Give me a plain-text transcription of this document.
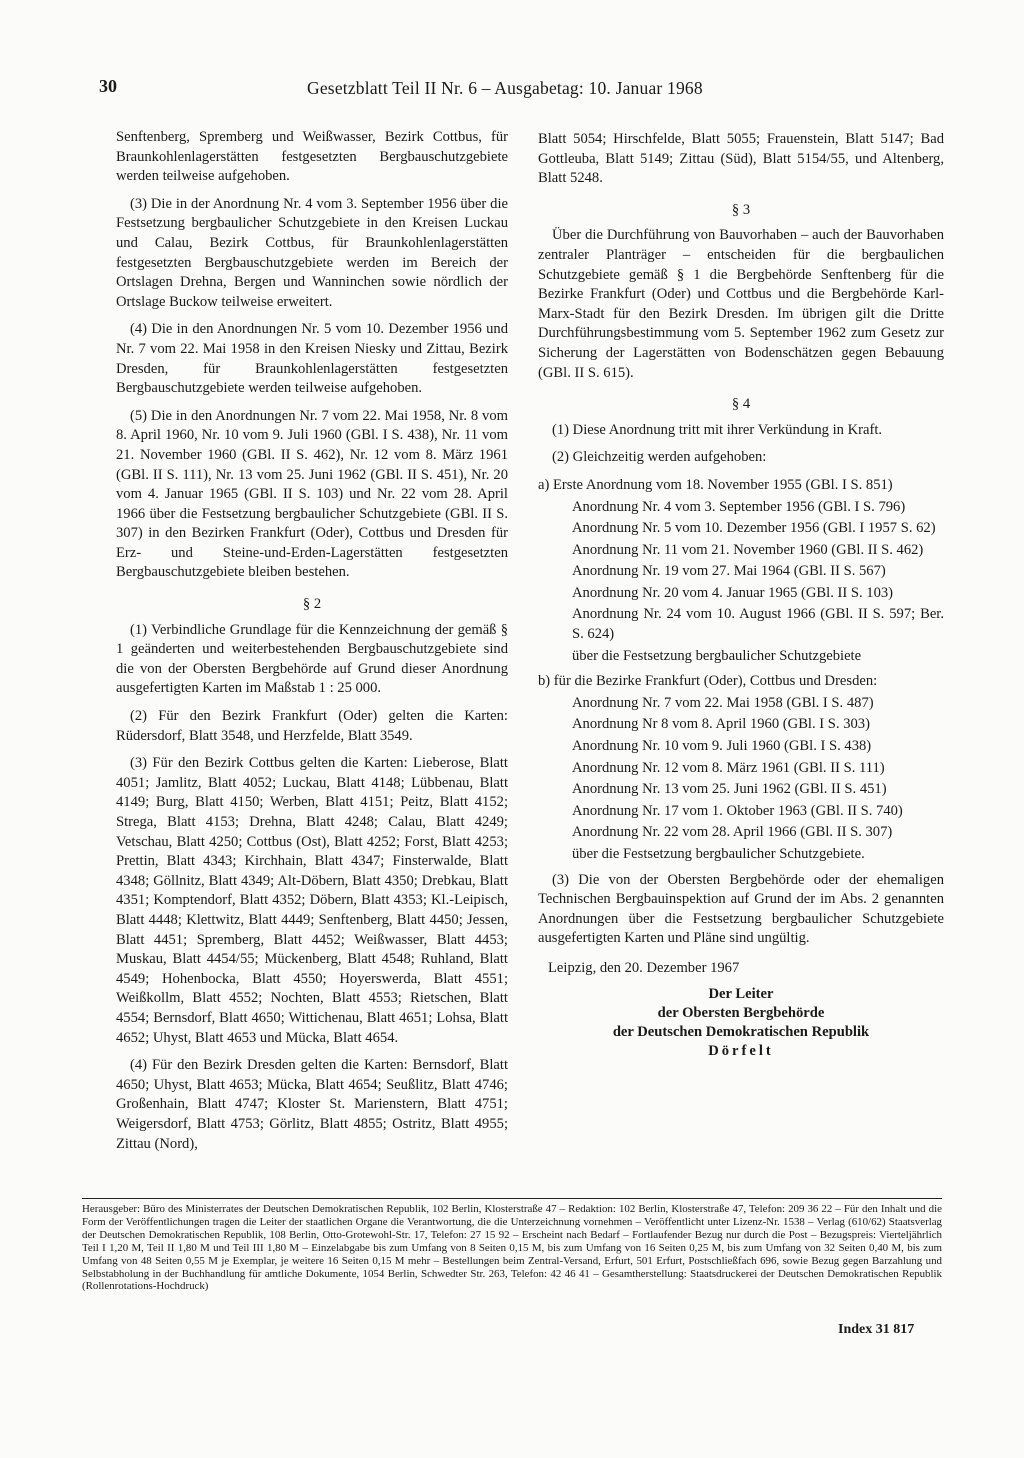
30	Gesetzblatt Teil II Nr. 6 – Ausgabetag: 10. Januar 1968

Senftenberg, Spremberg und Weißwasser, Bezirk Cottbus, für Braunkohlenlagerstätten festgesetzten Bergbauschutzgebiete werden teilweise aufgehoben.

(3) Die in der Anordnung Nr. 4 vom 3. September 1956 über die Festsetzung bergbaulicher Schutzgebiete in den Kreisen Luckau und Calau, Bezirk Cottbus, für Braunkohlenlagerstätten festgesetzten Bergbauschutzgebiete werden im Bereich der Ortslagen Drehna, Bergen und Wanninchen sowie nördlich der Ortslage Buckow teilweise erweitert.

(4) Die in den Anordnungen Nr. 5 vom 10. Dezember 1956 und Nr. 7 vom 22. Mai 1958 in den Kreisen Niesky und Zittau, Bezirk Dresden, für Braunkohlenlagerstätten festgesetzten Bergbauschutzgebiete werden teilweise aufgehoben.

(5) Die in den Anordnungen Nr. 7 vom 22. Mai 1958, Nr. 8 vom 8. April 1960, Nr. 10 vom 9. Juli 1960 (GBl. I S. 438), Nr. 11 vom 21. November 1960 (GBl. II S. 462), Nr. 12 vom 8. März 1961 (GBl. II S. 111), Nr. 13 vom 25. Juni 1962 (GBl. II S. 451), Nr. 20 vom 4. Januar 1965 (GBl. II S. 103) und Nr. 22 vom 28. April 1966 über die Festsetzung bergbaulicher Schutzgebiete (GBl. II S. 307) in den Bezirken Frankfurt (Oder), Cottbus und Dresden für Erz- und Steine-und-Erden-Lagerstätten festgesetzten Bergbauschutzgebiete bleiben bestehen.

§ 2

(1) Verbindliche Grundlage für die Kennzeichnung der gemäß § 1 geänderten und weiterbestehenden Bergbauschutzgebiete sind die von der Obersten Bergbehörde auf Grund dieser Anordnung ausgefertigten Karten im Maßstab 1 : 25 000.

(2) Für den Bezirk Frankfurt (Oder) gelten die Karten: Rüdersdorf, Blatt 3548, und Herzfelde, Blatt 3549.

(3) Für den Bezirk Cottbus gelten die Karten: Lieberose, Blatt 4051; Jamlitz, Blatt 4052; Luckau, Blatt 4148; Lübbenau, Blatt 4149; Burg, Blatt 4150; Werben, Blatt 4151; Peitz, Blatt 4152; Strega, Blatt 4153; Drehna, Blatt 4248; Calau, Blatt 4249; Vetschau, Blatt 4250; Cottbus (Ost), Blatt 4252; Forst, Blatt 4253; Prettin, Blatt 4343; Kirchhain, Blatt 4347; Finsterwalde, Blatt 4348; Göllnitz, Blatt 4349; Alt-Döbern, Blatt 4350; Drebkau, Blatt 4351; Komptendorf, Blatt 4352; Döbern, Blatt 4353; Kl.-Leipisch, Blatt 4448; Klettwitz, Blatt 4449; Senftenberg, Blatt 4450; Jessen, Blatt 4451; Spremberg, Blatt 4452; Weißwasser, Blatt 4453; Muskau, Blatt 4454/55; Mückenberg, Blatt 4548; Ruhland, Blatt 4549; Hohenbocka, Blatt 4550; Hoyerswerda, Blatt 4551; Weißkollm, Blatt 4552; Nochten, Blatt 4553; Rietschen, Blatt 4554; Bernsdorf, Blatt 4650; Wittichenau, Blatt 4651; Lohsa, Blatt 4652; Uhyst, Blatt 4653 und Mücka, Blatt 4654.

(4) Für den Bezirk Dresden gelten die Karten: Bernsdorf, Blatt 4650; Uhyst, Blatt 4653; Mücka, Blatt 4654; Seußlitz, Blatt 4746; Großenhain, Blatt 4747; Kloster St. Marienstern, Blatt 4751; Weigersdorf, Blatt 4753; Görlitz, Blatt 4855; Ostritz, Blatt 4955; Zittau (Nord),

Blatt 5054; Hirschfelde, Blatt 5055; Frauenstein, Blatt 5147; Bad Gottleuba, Blatt 5149; Zittau (Süd), Blatt 5154/55, und Altenberg, Blatt 5248.

§ 3

Über die Durchführung von Bauvorhaben – auch der Bauvorhaben zentraler Planträger – entscheiden für die bergbaulichen Schutzgebiete gemäß § 1 die Bergbehörde Senftenberg für die Bezirke Frankfurt (Oder) und Cottbus und die Bergbehörde Karl-Marx-Stadt für den Bezirk Dresden. Im übrigen gilt die Dritte Durchführungsbestimmung vom 5. September 1962 zum Gesetz zur Sicherung der Lagerstätten von Bodenschätzen gegen Bebauung (GBl. II S. 615).

§ 4

(1) Diese Anordnung tritt mit ihrer Verkündung in Kraft.

(2) Gleichzeitig werden aufgehoben:

a) Erste Anordnung vom 18. November 1955 (GBl. I S. 851)
Anordnung Nr. 4 vom 3. September 1956 (GBl. I S. 796)
Anordnung Nr. 5 vom 10. Dezember 1956 (GBl. I 1957 S. 62)
Anordnung Nr. 11 vom 21. November 1960 (GBl. II S. 462)
Anordnung Nr. 19 vom 27. Mai 1964 (GBl. II S. 567)
Anordnung Nr. 20 vom 4. Januar 1965 (GBl. II S. 103)
Anordnung Nr. 24 vom 10. August 1966 (GBl. II S. 597; Ber. S. 624)
über die Festsetzung bergbaulicher Schutzgebiete
b) für die Bezirke Frankfurt (Oder), Cottbus und Dresden:
Anordnung Nr. 7 vom 22. Mai 1958 (GBl. I S. 487)
Anordnung Nr 8 vom 8. April 1960 (GBl. I S. 303)
Anordnung Nr. 10 vom 9. Juli 1960 (GBl. I S. 438)
Anordnung Nr. 12 vom 8. März 1961 (GBl. II S. 111)
Anordnung Nr. 13 vom 25. Juni 1962 (GBl. II S. 451)
Anordnung Nr. 17 vom 1. Oktober 1963 (GBl. II S. 740)
Anordnung Nr. 22 vom 28. April 1966 (GBl. II S. 307)
über die Festsetzung bergbaulicher Schutzgebiete.

(3) Die von der Obersten Bergbehörde oder der ehemaligen Technischen Bergbauinspektion auf Grund der im Abs. 2 genannten Anordnungen über die Festsetzung bergbaulicher Schutzgebiete ausgefertigten Karten und Pläne sind ungültig.

Leipzig, den 20. Dezember 1967
Der Leiter
der Obersten Bergbehörde
der Deutschen Demokratischen Republik
Dörfelt
Herausgeber: Büro des Ministerrates der Deutschen Demokratischen Republik, 102 Berlin, Klosterstraße 47 – Redaktion: 102 Berlin, Klosterstraße 47, Telefon: 209 36 22 – Für den Inhalt und die Form der Veröffentlichungen tragen die Leiter der staatlichen Organe die Verantwortung, die die Unterzeichnung vornehmen – Veröffentlicht unter Lizenz-Nr. 1538 – Verlag (610/62) Staatsverlag der Deutschen Demokratischen Republik, 108 Berlin, Otto-Grotewohl-Str. 17, Telefon: 27 15 92 – Erscheint nach Bedarf – Fortlaufender Bezug nur durch die Post – Bezugspreis: Vierteljährlich Teil I 1,20 M, Teil II 1,80 M und Teil III 1,80 M – Einzelabgabe bis zum Umfang von 8 Seiten 0,15 M, bis zum Umfang von 16 Seiten 0,25 M, bis zum Umfang von 32 Seiten 0,40 M, bis zum Umfang von 48 Seiten 0,55 M je Exemplar, je weitere 16 Seiten 0,15 M mehr – Bestellungen beim Zentral-Versand, Erfurt, 501 Erfurt, Postschließfach 696, sowie Bezug gegen Barzahlung und Selbstabholung in der Buchhandlung für amtliche Dokumente, 1054 Berlin, Schwedter Str. 263, Telefon: 42 46 41 – Gesamtherstellung: Staatsdruckerei der Deutschen Demokratischen Republik (Rollenrotations-Hochdruck)
Index 31 817
